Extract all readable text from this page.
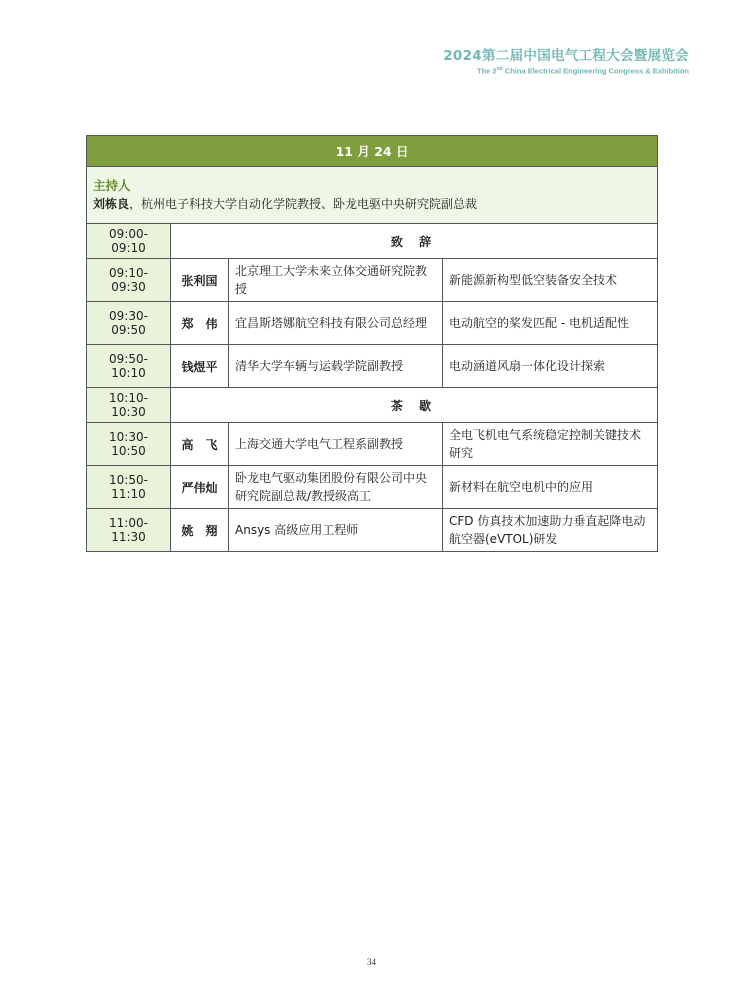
2024第二届中国电气工程大会暨展览会
The 2nd China Electrical Engineering Congress & Exhibition
11 月 24 日			

主持人
刘栋良，杭州电子科技大学自动化学院教授、卧龙电驱中央研究院副总裁			

09:00-09:10	致 辞		
09:10-09:30	张利国	北京理工大学未来立体交通研究院教授	新能源新构型低空装备安全技术
09:30-09:50	郑　伟	宜昌斯塔娜航空科技有限公司总经理	电动航空的桨发匹配 - 电机适配性
09:50-10:10	钱煜平	清华大学车辆与运载学院副教授	电动涵道风扇一体化设计探索
10:10-10:30	茶 歇		
10:30-10:50	高　飞	上海交通大学电气工程系副教授	全电飞机电气系统稳定控制关键技术研究
10:50-11:10	严伟灿	卧龙电气驱动集团股份有限公司中央研究院副总裁/教授级高工	新材料在航空电机中的应用
11:00-11:30	姚　翔	Ansys 高级应用工程师	CFD 仿真技术加速助力垂直起降电动航空器(eVTOL)研发
34
